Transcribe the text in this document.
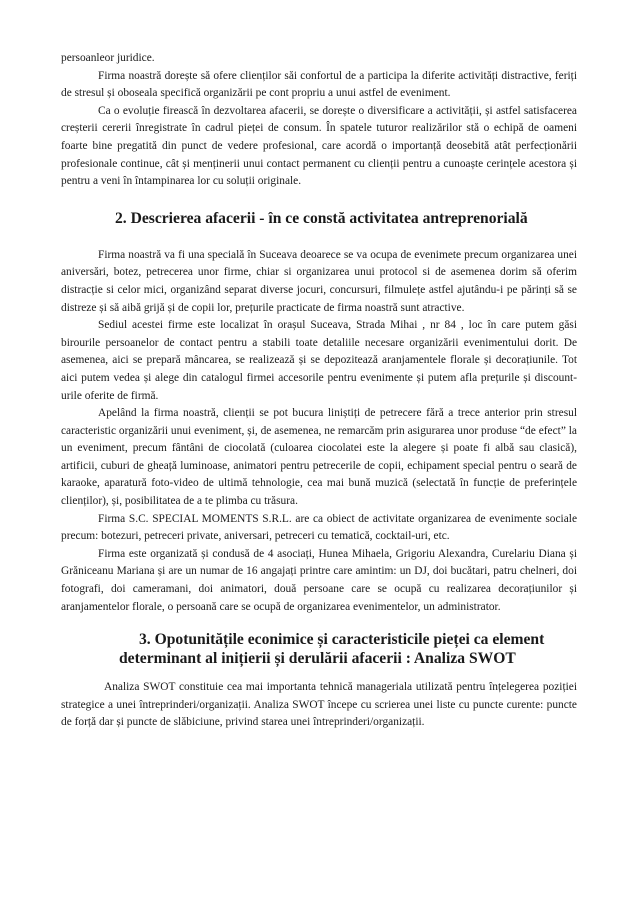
persoanleor juridice.

Firma noastră dorește să ofere clienților săi confortul de a participa la diferite activități distractive, feriți de stresul și oboseala specifică organizării pe cont propriu a unui astfel de eveniment.

Ca o evoluție firească în dezvoltarea afacerii, se dorește o diversificare a activității, și astfel satisfacerea creșterii cererii înregistrate în cadrul pieței de consum. În spatele tuturor realizărilor stă o echipă de oameni foarte bine pregatită din punct de vedere profesional, care acordă o importanță deosebită atât perfecționării profesionale continue, cât și menținerii unui contact permanent cu clienții pentru a cunoaște cerințele acestora și pentru a veni în întampinarea lor cu soluții originale.

2. Descrierea afacerii - în ce constă activitatea antreprenorială

Firma noastră va fi una specială în Suceava deoarece se va ocupa de evenimete precum organizarea unei aniversări, botez, petrecerea unor firme, chiar si organizarea unui protocol si de asemenea dorim să oferim distracție si celor mici, organizând separat diverse jocuri, concursuri, filmulețe astfel ajutându-i pe părinți să se distreze și să aibă grijă și de copii lor, prețurile practicate de firma noastră sunt atractive.

Sediul acestei firme este localizat în orașul Suceava, Strada Mihai , nr 84 , loc în care putem găsi birourile persoanelor de contact pentru a stabili toate detaliile necesare organizării evenimentului dorit. De asemenea, aici se prepară mâncarea, se realizează și se depozitează aranjamentele florale și decorațiunile. Tot aici putem vedea și alege din catalogul firmei accesorile pentru evenimente și putem afla prețurile și discount-urile oferite de firmă.

Apelând la firma noastră, clienții se pot bucura liniștiți de petrecere fără a trece anterior prin stresul caracteristic organizării unui eveniment, și, de asemenea, ne remarcăm prin asigurarea unor produse “de efect” la un eveniment, precum fântâni de ciocolată (culoarea ciocolatei este la alegere și poate fi albă sau clasică), artificii, cuburi de gheață luminoase, animatori pentru petrecerile de copii, echipament special pentru o seară de karaoke, aparatură foto-video de ultimă tehnologie, cea mai bună muzică (selectată în funcție de preferințele clienților), și, posibilitatea de a te plimba cu trăsura.

Firma S.C. SPECIAL MOMENTS S.R.L. are ca obiect de activitate organizarea de evenimente sociale precum: botezuri, petreceri private, aniversari, petreceri cu tematică, cocktail-uri, etc.

Firma este organizată și condusă de 4 asociați, Hunea Mihaela, Grigoriu Alexandra, Curelariu Diana și Grăniceanu Mariana și are un numar de 16 angajați printre care amintim: un DJ, doi bucătari, patru chelneri, doi fotografi, doi cameramani, doi animatori, două persoane care se ocupă cu realizarea decorațiunilor și aranjamentelor florale, o persoană care se ocupă de organizarea evenimentelor, un administrator.

3. Opotunitățile econimice și caracteristicile pieței ca element
determinant al inițierii și derulării afacerii : Analiza SWOT

Analiza SWOT constituie cea mai importanta tehnică manageriala utilizată pentru înțelegerea poziției strategice a unei întreprinderi/organizații. Analiza SWOT începe cu scrierea unei liste cu puncte curente: puncte de forță dar și puncte de slăbiciune, privind starea unei întreprinderi/organizații.
